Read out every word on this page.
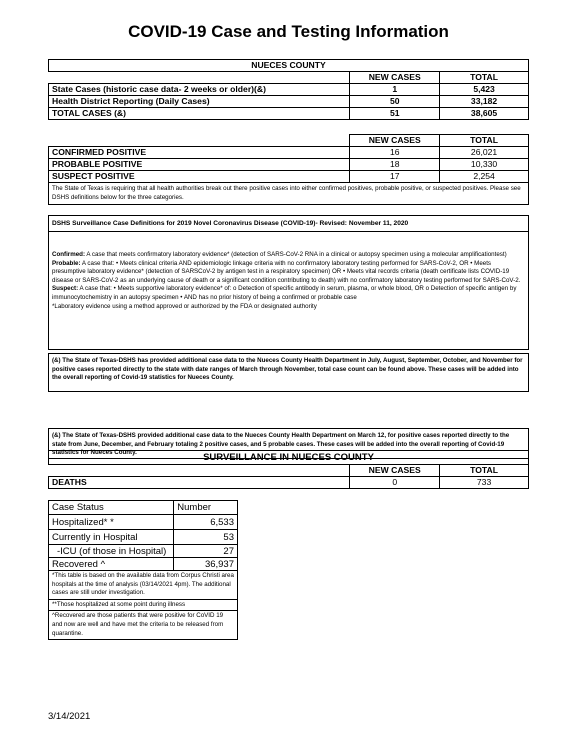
COVID-19 Case and Testing Information
NUECES COUNTY		
	NEW CASES	TOTAL
State Cases (historic case data- 2 weeks or older)(&)	1	5,423
Health District Reporting (Daily Cases)	50	33,182
TOTAL CASES (&)	51	38,605
	NEW CASES	TOTAL
CONFIRMED POSITIVE	16	26,021
PROBABLE POSITIVE	18	10,330
SUSPECT POSITIVE	17	2,254
The State of Texas is requiring that all health authorities break out there positive cases into either confirmed positives, probable positive, or suspected positives. Please see DSHS definitions below for the three categories.		
DSHS Surveillance Case Definitions for 2019 Novel Coronavirus Disease (COVID-19)- Revised: November 11, 2020

Confirmed: A case that meets confirmatory laboratory evidence* (detection of SARS-CoV-2 RNA in a clinical or autopsy specimen using a molecular amplificationtest)

Probable: A case that: • Meets clinical criteria AND epidemiologic linkage criteria with no confirmatory laboratory testing performed for SARS-CoV-2, OR • Meets presumptive laboratory evidence* (detection of SARSCoV-2 by antigen test in a respiratory specimen) OR • Meets vital records criteria (death certificate lists COVID-19 disease or SARS-CoV-2 as an underlying cause of death or a significant condition contributing to death) with no confirmatory laboratory testing performed for SARS-CoV-2.

Suspect: A case that: • Meets supportive laboratory evidence* of: o Detection of specific antibody in serum, plasma, or whole blood, OR o Detection of specific antigen by immunocytochemistry in an autopsy specimen • AND has no prior history of being a confirmed or probable case

*Laboratory evidence using a method approved or authorized by the FDA or designated authority

(&) The State of Texas-DSHS has provided additional case data to the Nueces County Health Department in July, August, September, October, and November for positive cases reported directly to the state with date ranges of March through November, total case count can be found above. These cases will be added into the overall reporting of Covid-19 statistics for Nueces County.
(&) The State of Texas-DSHS provided additional case data to the Nueces County Health Department on March 12, for positive cases reported directly to the state from June, December, and February totaling 2 positive cases, and 5 probable cases. These cases will be added into the overall reporting of Covid-19 statistics for Nueces County.	SURVEILLANCE IN NUECES COUNTY		
	NEW CASES	TOTAL
DEATHS	0	733
Case Status	Number
Hospitalized* *	6,533
Currently in Hospital	53
-ICU (of those in Hospital)	27
Recovered ^	36,937
*This table is based on the available data from Corpus Christi area hospitals at the time of analysis (03/14/2021 4pm). The additional cases are still under investigation.	
**Those hospitalized at some point during illness	
^Recovered are those patients that were positive for CoVID 19 and now are well and have met the criteria to be released from quarantine.	
3/14/2021
